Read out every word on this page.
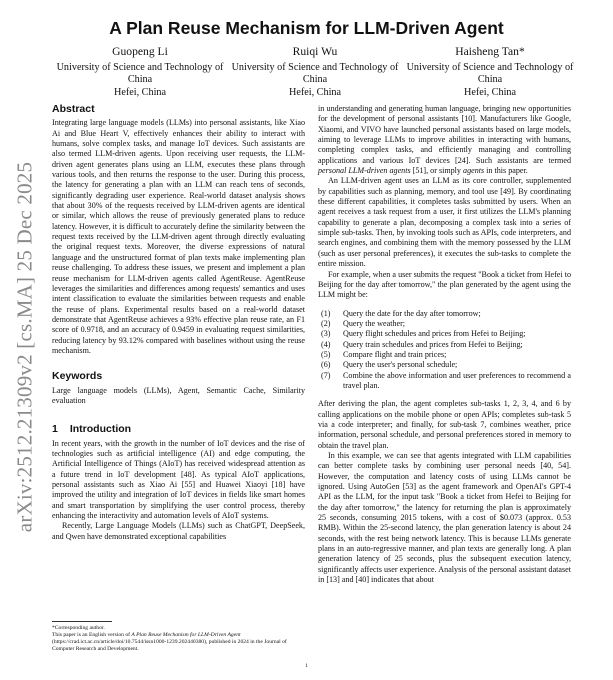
arXiv:2512.21309v2 [cs.MA] 25 Dec 2025
A Plan Reuse Mechanism for LLM-Driven Agent
Guopeng Li
University of Science and Technology of China
Hefei, China
Ruiqi Wu
University of Science and Technology of China
Hefei, China
Haisheng Tan*
University of Science and Technology of China
Hefei, China
Abstract

Integrating large language models (LLMs) into personal assistants, like Xiao Ai and Blue Heart V, effectively enhances their ability to interact with humans, solve complex tasks, and manage IoT devices. Such assistants are also termed LLM-driven agents. Upon receiving user requests, the LLM-driven agent generates plans using an LLM, executes these plans through various tools, and then returns the response to the user. During this process, the latency for generating a plan with an LLM can reach tens of seconds, significantly degrading user experience. Real-world dataset analysis shows that about 30% of the requests received by LLM-driven agents are identical or similar, which allows the reuse of previously generated plans to reduce latency. However, it is difficult to accurately define the similarity between the request texts received by the LLM-driven agent through directly evaluating the original request texts. Moreover, the diverse expressions of natural language and the unstructured format of plan texts make implementing plan reuse challenging. To address these issues, we present and implement a plan reuse mechanism for LLM-driven agents called AgentReuse. AgentReuse leverages the similarities and differences among requests' semantics and uses intent classification to evaluate the similarities between requests and enable the reuse of plans. Experimental results based on a real-world dataset demonstrate that AgentReuse achieves a 93% effective plan reuse rate, an F1 score of 0.9718, and an accuracy of 0.9459 in evaluating request similarities, reducing latency by 93.12% compared with baselines without using the reuse mechanism.

Keywords

Large language models (LLMs), Agent, Semantic Cache, Similarity evaluation

1 Introduction

In recent years, with the growth in the number of IoT devices and the rise of technologies such as artificial intelligence (AI) and edge computing, the Artificial Intelligence of Things (AIoT) has received widespread attention as a future trend in IoT development [48]. As typical AIoT applications, personal assistants such as Xiao Ai [55] and Huawei Xiaoyi [18] have improved the utility and integration of IoT devices in fields like smart homes and smart transportation by simplifying the user control process, thereby enhancing the interactivity and automation levels of AIoT systems.

Recently, Large Language Models (LLMs) such as ChatGPT, DeepSeek, and Qwen have demonstrated exceptional capabilities

*Corresponding author.
This paper is an English version of A Plan Reuse Mechanism for LLM-Driven Agent (https://crad.ict.ac.cn/article/doi/10.7544/issn1000-1239.202440380), published in 2024 in the Journal of Computer Research and Development.

in understanding and generating human language, bringing new opportunities for the development of personal assistants [10]. Manufacturers like Google, Xiaomi, and VIVO have launched personal assistants based on large models, aiming to leverage LLMs to improve abilities in interacting with humans, completing complex tasks, and efficiently managing and controlling applications and various IoT devices [24]. Such assistants are termed personal LLM-driven agents [51], or simply agents in this paper.

An LLM-driven agent uses an LLM as its core controller, supplemented by capabilities such as planning, memory, and tool use [49]. By coordinating these different capabilities, it completes tasks submitted by users. When an agent receives a task request from a user, it first utilizes the LLM's planning capability to generate a plan, decomposing a complex task into a series of simple sub-tasks. Then, by invoking tools such as APIs, code interpreters, and search engines, and combining them with the memory possessed by the LLM (such as user personal preferences), it executes the sub-tasks to complete the entire mission.

For example, when a user submits the request "Book a ticket from Hefei to Beijing for the day after tomorrow," the plan generated by the agent using the LLM might be:

(1)	Query the date for the day after tomorrow;
(2)	Query the weather;
(3)	Query flight schedules and prices from Hefei to Beijing;
(4)	Query train schedules and prices from Hefei to Beijing;
(5)	Compare flight and train prices;
(6)	Query the user's personal schedule;
(7)	Combine the above information and user preferences to recommend a travel plan.

After deriving the plan, the agent completes sub-tasks 1, 2, 3, 4, and 6 by calling applications on the mobile phone or open APIs; completes sub-task 5 via a code interpreter; and finally, for sub-task 7, combines weather, price information, personal schedule, and personal preferences stored in memory to obtain the travel plan.

In this example, we can see that agents integrated with LLM capabilities can better complete tasks by combining user personal needs [40, 54]. However, the computation and latency costs of using LLMs cannot be ignored. Using AutoGen [53] as the agent framework and OpenAI's GPT-4 API as the LLM, for the input task "Book a ticket from Hefei to Beijing for the day after tomorrow," the latency for returning the plan is approximately 25 seconds, consuming 2015 tokens, with a cost of $0.073 (approx. 0.53 RMB). Within the 25-second latency, the plan generation latency is about 24 seconds, with the rest being network latency. This is because LLMs generate plans in an auto-regressive manner, and plan texts are generally long. A plan generation latency of 25 seconds, plus the subsequent execution latency, significantly affects user experience. Analysis of the personal assistant dataset in [13] and [40] indicates that about

1
